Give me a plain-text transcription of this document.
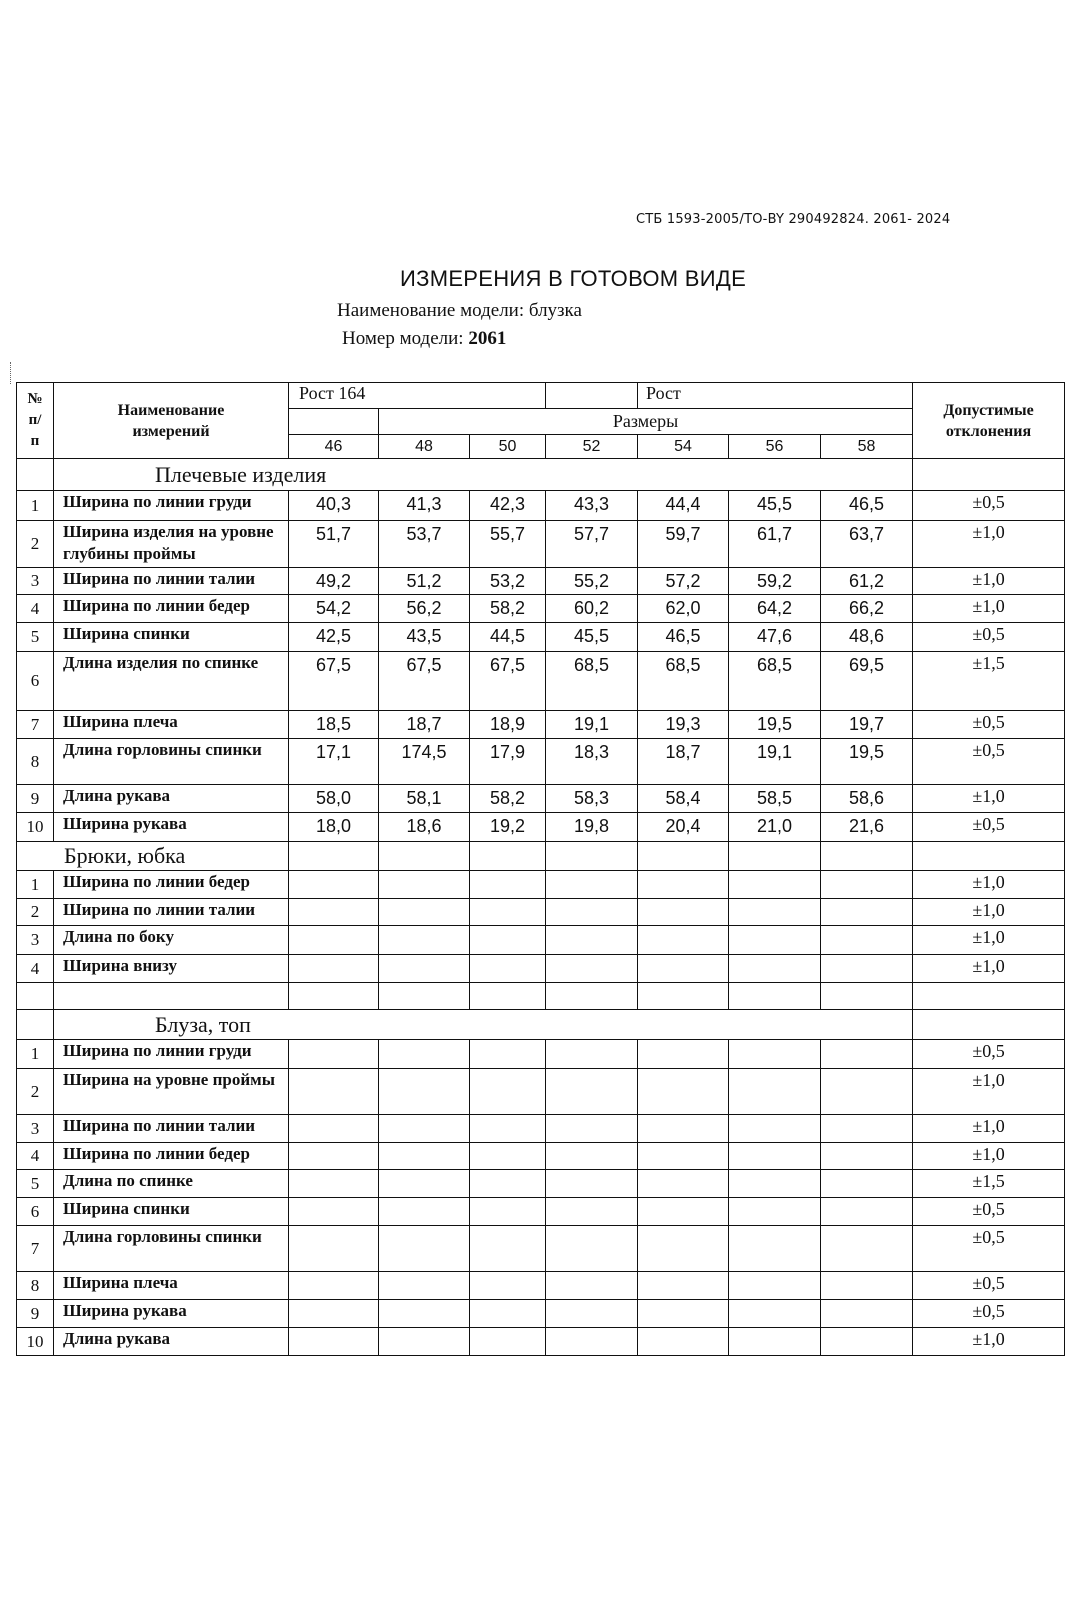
СТБ 1593-2005/ТО-BY 290492824. 2061- 2024
ИЗМЕРЕНИЯ В ГОТОВОМ ВИДЕ
Наименование модели: блузка
Номер модели: 2061
№ п/ п	Наименование измерений	Рост 164				Рост			Допустимые отклонения
			Размеры						
		46	48	50	52	54	56	58	
	Плечевые изделия								
1	Ширина по линии груди	40,3	41,3	42,3	43,3	44,4	45,5	46,5	±0,5
2	Ширина изделия на уровне глубины проймы	51,7	53,7	55,7	57,7	59,7	61,7	63,7	±1,0
3	Ширина по линии талии	49,2	51,2	53,2	55,2	57,2	59,2	61,2	±1,0
4	Ширина по линии бедер	54,2	56,2	58,2	60,2	62,0	64,2	66,2	±1,0
5	Ширина спинки	42,5	43,5	44,5	45,5	46,5	47,6	48,6	±0,5
6	Длина изделия по спинке	67,5	67,5	67,5	68,5	68,5	68,5	69,5	±1,5
7	Ширина плеча	18,5	18,7	18,9	19,1	19,3	19,5	19,7	±0,5
8	Длина горловины спинки	17,1	174,5	17,9	18,3	18,7	19,1	19,5	±0,5
9	Длина рукава	58,0	58,1	58,2	58,3	58,4	58,5	58,6	±1,0
10	Ширина рукава	18,0	18,6	19,2	19,8	20,4	21,0	21,6	±0,5
Брюки, юбка									
1	Ширина по линии бедер								±1,0
2	Ширина по линии талии								±1,0
3	Длина по боку								±1,0
4	Ширина внизу								±1,0

	Блуза, топ								
1	Ширина по линии груди								±0,5
2	Ширина на уровне проймы								±1,0
3	Ширина по линии талии								±1,0
4	Ширина по линии бедер								±1,0
5	Длина по спинке								±1,5
6	Ширина спинки								±0,5
7	Длина горловины спинки								±0,5
8	Ширина плеча								±0,5
9	Ширина рукава								±0,5
10	Длина рукава								±1,0
